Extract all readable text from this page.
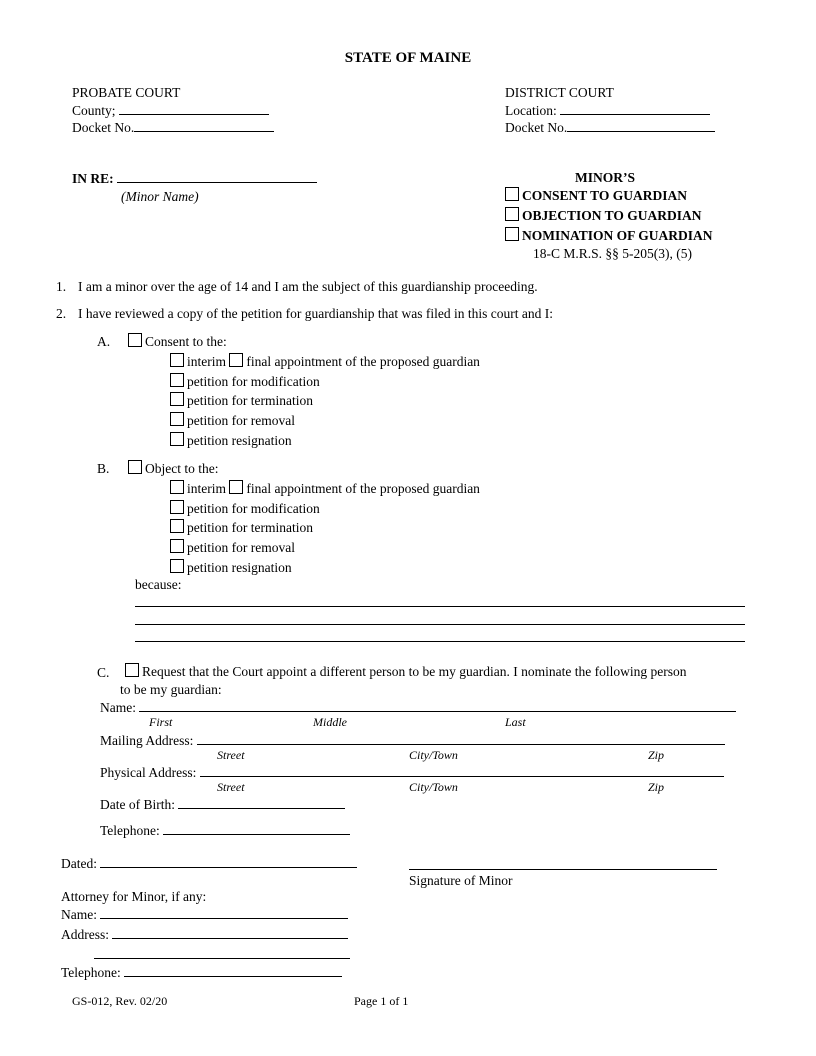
STATE OF MAINE
PROBATE COURT
County;
Docket No.
DISTRICT COURT
Location:
Docket No.
IN RE:
(Minor Name)
MINOR’S
CONSENT TO GUARDIAN
OBJECTION TO GUARDIAN
NOMINATION OF GUARDIAN
18-C M.R.S. §§ 5-205(3), (5)
1. I am a minor over the age of 14 and I am the subject of this guardianship proceeding.
2. I have reviewed a copy of the petition for guardianship that was filed in this court and I:
A.	Consent to the:
interim final appointment of the proposed guardian
petition for modification
petition for termination
petition for removal
petition resignation
B.	Object to the:
interim final appointment of the proposed guardian
petition for modification
petition for termination
petition for removal
petition resignation
because:
C.	Request that the Court appoint a different person to be my guardian. I nominate the following person
to be my guardian:
Name:
First	Middle	Last
Mailing Address:
Street	City/Town	Zip
Physical Address:
Street	City/Town	Zip
Date of Birth:
Telephone:
Dated:
Signature of Minor
Attorney for Minor, if any:
Name:
Address:
Telephone:
GS-012, Rev. 02/20	Page 1 of 1
